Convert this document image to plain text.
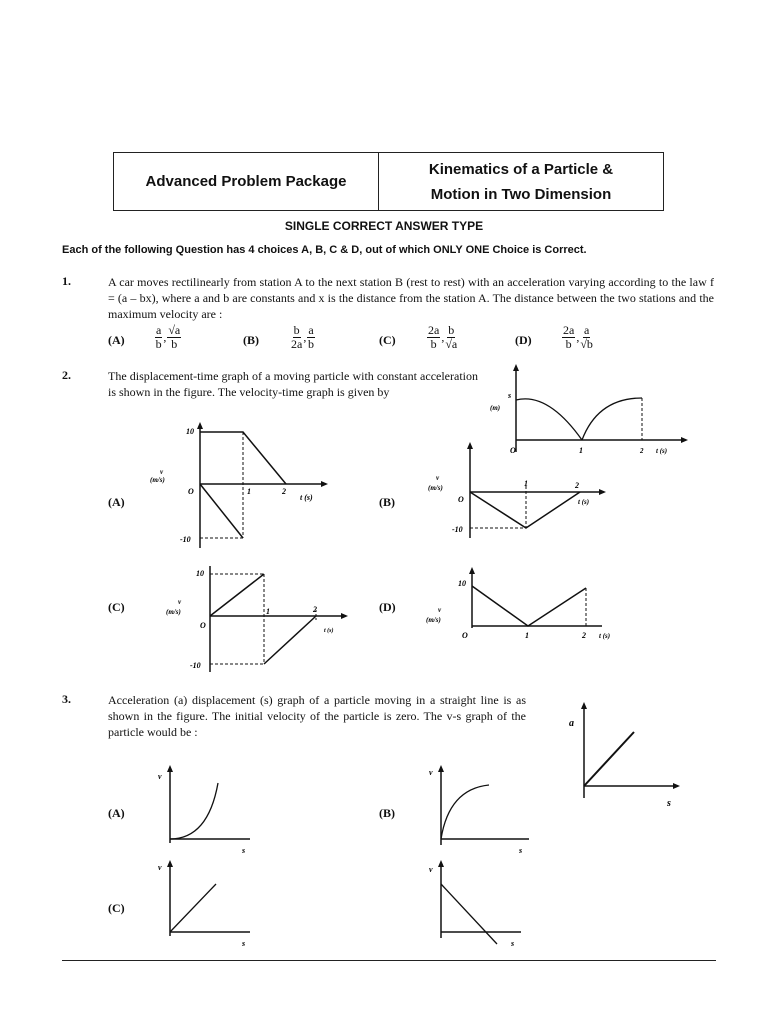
Advanced Problem Package
Kinematics of a Particle &
Motion in Two Dimension
SINGLE CORRECT ANSWER TYPE
Each of the following Question has 4 choices A, B, C & D, out of which ONLY ONE Choice is Correct.
1.	A car moves rectilinearly from station A to the next station B (rest to rest) with an acceleration varying according to the law f = (a – bx), where a and b are constants and x is the distance from the station A. The distance between the two stations and the maximum velocity are :
(A)	$\frac{a}{b}$ , $\frac{√a}{b}$	(B)	$\frac{b}{2a}$ , $\frac{a}{b}$	(C)	$\frac{2a}{b}$ , $\frac{b}{√a}$	(D)	$\frac{2a}{b}$ , $\frac{a}{√b}$
2.	The displacement-time graph of a moving particle with constant acceleration is shown in the figure. The velocity-time graph is given by	s
(m)
O	1	2 t (s)
(A)
10
-10
O	1	2
t (s)
v
(m/s)
(B)	O
1	2
t (s)
-10
v
(m/s)
(C)
10
-10
O
1	2
t (s)
v
(m/s)	(D)
10
O	1	2 t (s)
v
(m/s)
3.	Acceleration (a) displacement (s) graph of a particle moving in a straight line is as shown in the figure. The initial velocity of the particle is zero. The v-s graph of the particle would be :
a
s
(A)
v
s
(B)
v
s
(C)
v
s
v
s
